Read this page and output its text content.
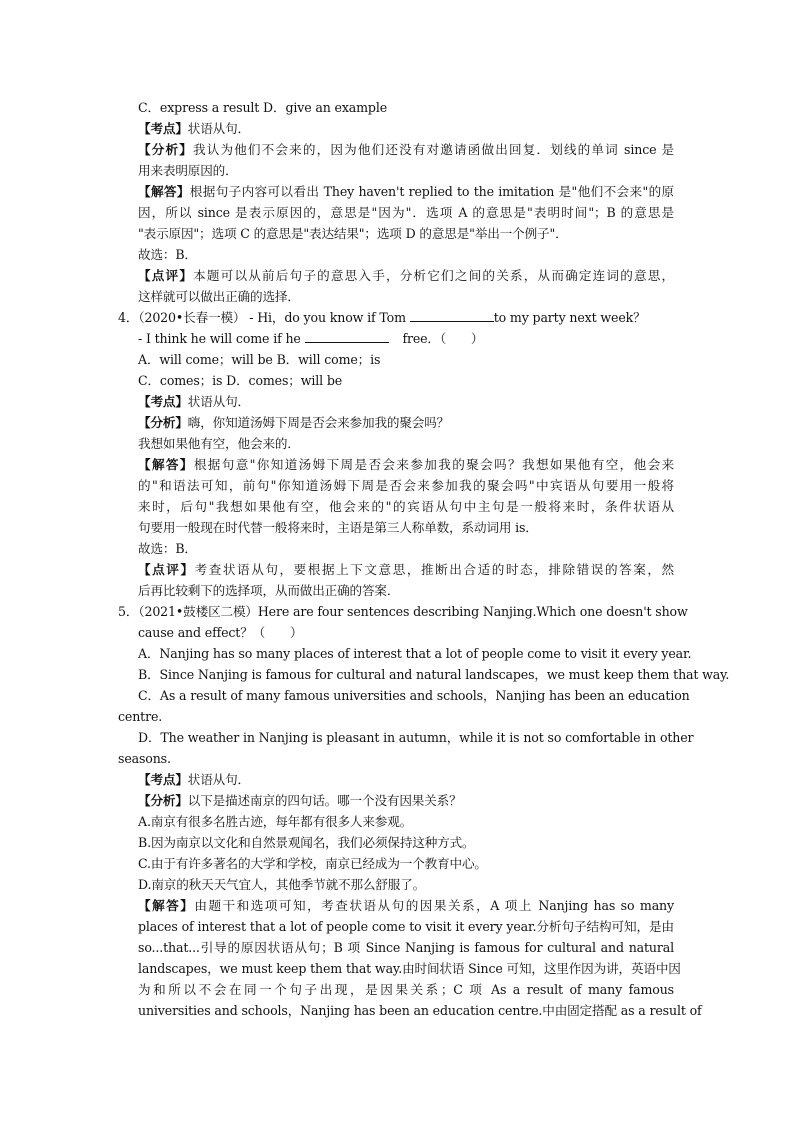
C．express a result D．give an example
【考点】状语从句．
【分析】我认为他们不会来的，因为他们还没有对邀请函做出回复．划线的单词 since 是
用来表明原因的．
【解答】根据句子内容可以看出 They haven't replied to the imitation 是"他们不会来"的原
因，所以 since 是表示原因的，意思是"因为"．选项 A 的意思是"表明时间"；B 的意思是
"表示原因"；选项 C 的意思是"表达结果"；选项 D 的意思是"举出一个例子"．
故选：B．
【点评】本题可以从前后句子的意思入手，分析它们之间的关系，从而确定连词的意思，
这样就可以做出正确的选择．
4．（2020•长春一模） - Hi，do you know if Tom	to my party next week？
- I think he will come if he	free．（　　）
A．will come；will be B．will come；is
C．comes；is D．comes；will be
【考点】状语从句．
【分析】嗨，你知道汤姆下周是否会来参加我的聚会吗？
我想如果他有空，他会来的．
【解答】根据句意"你知道汤姆下周是否会来参加我的聚会吗？我想如果他有空，他会来
的"和语法可知，前句"你知道汤姆下周是否会来参加我的聚会吗"中宾语从句要用一般将
来时，后句"我想如果他有空，他会来的"的宾语从句中主句是一般将来时，条件状语从
句要用一般现在时代替一般将来时，主语是第三人称单数，系动词用 is．
故选：B．
【点评】考查状语从句，要根据上下文意思，推断出合适的时态，排除错误的答案，然
后再比较剩下的选择项，从而做出正确的答案．
5．（2021•鼓楼区二模）Here are four sentences describing Nanjing.Which one doesn't show
cause and effect？（　　）
A．Nanjing has so many places of interest that a lot of people come to visit it every year.
B．Since Nanjing is famous for cultural and natural landscapes，we must keep them that way.
C．As a result of many famous universities and schools，Nanjing has been an education
centre.
D．The weather in Nanjing is pleasant in autumn，while it is not so comfortable in other
seasons.
【考点】状语从句．
【分析】以下是描述南京的四句话。哪一个没有因果关系？
A.南京有很多名胜古迹，每年都有很多人来参观。
B.因为南京以文化和自然景观闻名，我们必须保持这种方式。
C.由于有许多著名的大学和学校，南京已经成为一个教育中心。
D.南京的秋天天气宜人，其他季节就不那么舒服了。
【解答】由题干和选项可知，考查状语从句的因果关系，A 项上 Nanjing has so many
places of interest that a lot of people come to visit it every year.分析句子结构可知，是由
so...that...引导的原因状语从句；B 项 Since Nanjing is famous for cultural and natural
landscapes，we must keep them that way.由时间状语 Since 可知，这里作因为讲，英语中因
为和所以不会在同一个句子出现，是因果关系；C 项 As a result of many famous
universities and schools，Nanjing has been an education centre.中由固定搭配 as a result of
